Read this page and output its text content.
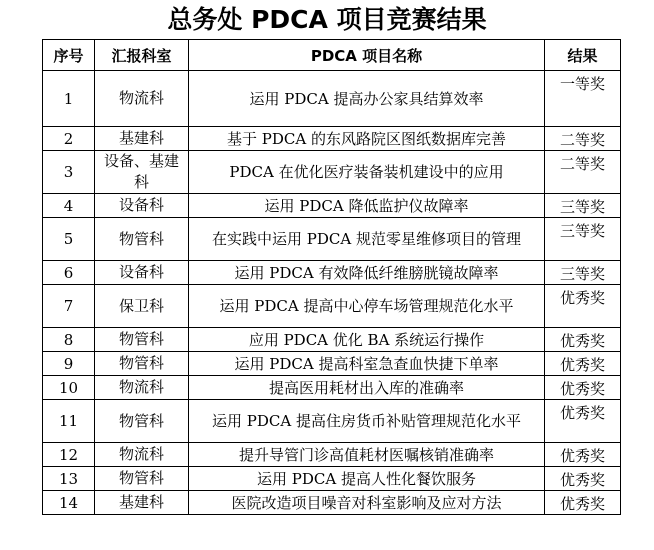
总务处 PDCA 项目竞赛结果
序号	汇报科室	PDCA 项目名称	结果
1	物流科	运用 PDCA 提高办公家具结算效率	一等奖
2	基建科	基于 PDCA 的东风路院区图纸数据库完善	二等奖
3	设备、基建科	PDCA 在优化医疗装备装机建设中的应用	二等奖
4	设备科	运用 PDCA 降低监护仪故障率	三等奖
5	物管科	在实践中运用 PDCA 规范零星维修项目的管理	三等奖
6	设备科	运用 PDCA 有效降低纤维膀胱镜故障率	三等奖
7	保卫科	运用 PDCA 提高中心停车场管理规范化水平	优秀奖
8	物管科	应用 PDCA 优化 BA 系统运行操作	优秀奖
9	物管科	运用 PDCA 提高科室急查血快捷下单率	优秀奖
10	物流科	提高医用耗材出入库的准确率	优秀奖
11	物管科	运用 PDCA 提高住房货币补贴管理规范化水平	优秀奖
12	物流科	提升导管门诊高值耗材医嘱核销准确率	优秀奖
13	物管科	运用 PDCA 提高人性化餐饮服务	优秀奖
14	基建科	医院改造项目噪音对科室影响及应对方法	优秀奖
